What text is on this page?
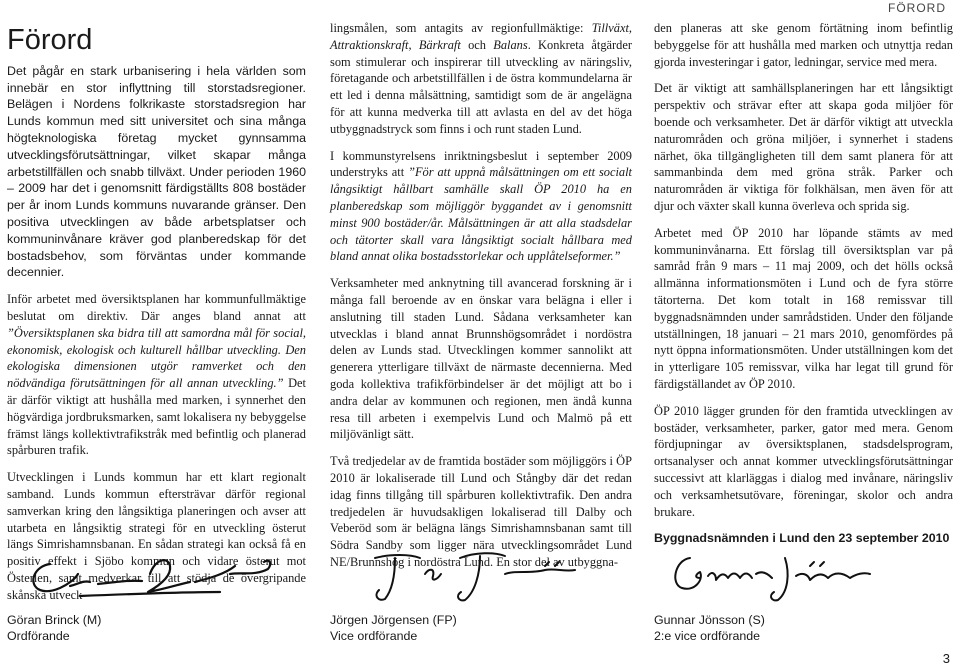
FÖRORD
Förord

Det pågår en stark urbanisering i hela världen som innebär en stor inflyttning till storstadsregioner. Belägen i Nordens folkrikaste storstadsregion har Lunds kommun med sitt universitet och sina många högteknologiska företag mycket gynnsamma utvecklingsförutsättningar, vilket skapar många arbetstillfällen och snabb tillväxt. Under perioden 1960 – 2009 har det i genomsnitt färdigställts 808 bostäder per år inom Lunds kommuns nuvarande gränser. Den positiva utvecklingen av både arbetsplatser och kommuninvånare kräver god planberedskap för det bostadsbehov, som förväntas under kommande decennier.

Inför arbetet med översiktsplanen har kommunfullmäktige beslutat om direktiv. Där anges bland annat att ”Översiktsplanen ska bidra till att samordna mål för social, ekonomisk, ekologisk och kulturell hållbar utveckling. Den ekologiska dimensionen utgör ramverket och den nödvändiga förutsättningen för all annan utveckling.” Det är därför viktigt att hushålla med marken, i synnerhet den högvärdiga jordbruksmarken, samt lokalisera ny bebyggelse främst längs kollektivtrafikstråk med befintlig och planerad spårburen trafik.

Utvecklingen i Lunds kommun har ett klart regionalt samband. Lunds kommun eftersträvar därför regional samverkan kring den långsiktiga planeringen och avser att utarbeta en långsiktig strategi för en utveckling österut längs Simrishamnsbanan. En sådan strategi kan också få en positiv effekt i Sjöbo kommun och vidare österut mot Österlen, samt medverkar till att stödja de övergripande skånska utveck-

lingsmålen, som antagits av regionfullmäktige: Tillväxt, Attraktionskraft, Bärkraft och Balans. Konkreta åtgärder som stimulerar och inspirerar till utveckling av näringsliv, företagande och arbetstillfällen i de östra kommundelarna är ett led i denna målsättning, samtidigt som de är angelägna för att kunna medverka till att avlasta en del av det höga utbyggnadstryck som finns i och runt staden Lund.

I kommunstyrelsens inriktningsbeslut i september 2009 understryks att ”För att uppnå målsättningen om ett socialt långsiktigt hållbart samhälle skall ÖP 2010 ha en planberedskap som möjliggör byggandet av i genomsnitt minst 900 bostäder/år. Målsättningen är att alla stadsdelar och tätorter skall vara långsiktigt socialt hållbara med bland annat olika bostadsstorlekar och upplåtelseformer.”

Verksamheter med anknytning till avancerad forskning är i många fall beroende av en önskar vara belägna i eller i anslutning till staden Lund. Sådana verksamheter kan utvecklas i bland annat Brunnshögsområdet i nordöstra delen av Lunds stad. Utvecklingen kommer sannolikt att generera ytterligare tillväxt de närmaste decennierna. Med goda kollektiva trafikförbindelser är det möjligt att bo i andra delar av kommunen och regionen, men ändå kunna resa till arbeten i exempelvis Lund och Malmö på ett miljövänligt sätt.

Två tredjedelar av de framtida bostäder som möjliggörs i ÖP 2010 är lokaliserade till Lund och Stångby där det redan idag finns tillgång till spårburen kollektivtrafik. Den andra tredjedelen är huvudsakligen lokaliserad till Dalby och Veberöd som är belägna längs Simrishamnsbanan samt till Södra Sandby som ligger nära utvecklingsområdet Lund NE/Brunnshög i nordöstra Lund. En stor del av utbyggna-

den planeras att ske genom förtätning inom befintlig bebyggelse för att hushålla med marken och utnyttja redan gjorda investeringar i gator, ledningar, service med mera.

Det är viktigt att samhällsplaneringen har ett långsiktigt perspektiv och strävar efter att skapa goda miljöer för boende och verksamheter. Det är därför viktigt att utveckla naturområden och gröna miljöer, i synnerhet i stadens närhet, öka tillgängligheten till dem samt planera för att sammanbinda dem med gröna stråk. Parker och naturområden är viktiga för folkhälsan, men även för att djur och växter skall kunna överleva och sprida sig.

Arbetet med ÖP 2010 har löpande stämts av med kommuninvånarna. Ett förslag till översiktsplan var på samråd från 9 mars – 11 maj 2009, och det hölls också allmänna informationsmöten i Lund och de fyra större tätorterna. Det kom totalt in 168 remissvar till byggnadsnämnden under samrådstiden. Under den följande utställningen, 18 januari – 21 mars 2010, genomfördes på nytt öppna informationsmöten. Under utställningen kom det in ytterligare 105 remissvar, vilka har legat till grund för färdigställandet av ÖP 2010.

ÖP 2010 lägger grunden för den framtida utvecklingen av bostäder, verksamheter, parker, gator med mera. Genom fördjupningar av översiktsplanen, stadsdelsprogram, ortsanalyser och annat kommer utvecklingsförutsättningar successivt att klarläggas i dialog med invånare, näringsliv och verksamhetsutövare, föreningar, skolor och andra brukare.

Byggnadsnämnden i Lund den 23 september 2010

Göran Brinck (M)
Ordförande
Jörgen Jörgensen (FP)
Vice ordförande
Gunnar Jönsson (S)
2:e vice ordförande
3
